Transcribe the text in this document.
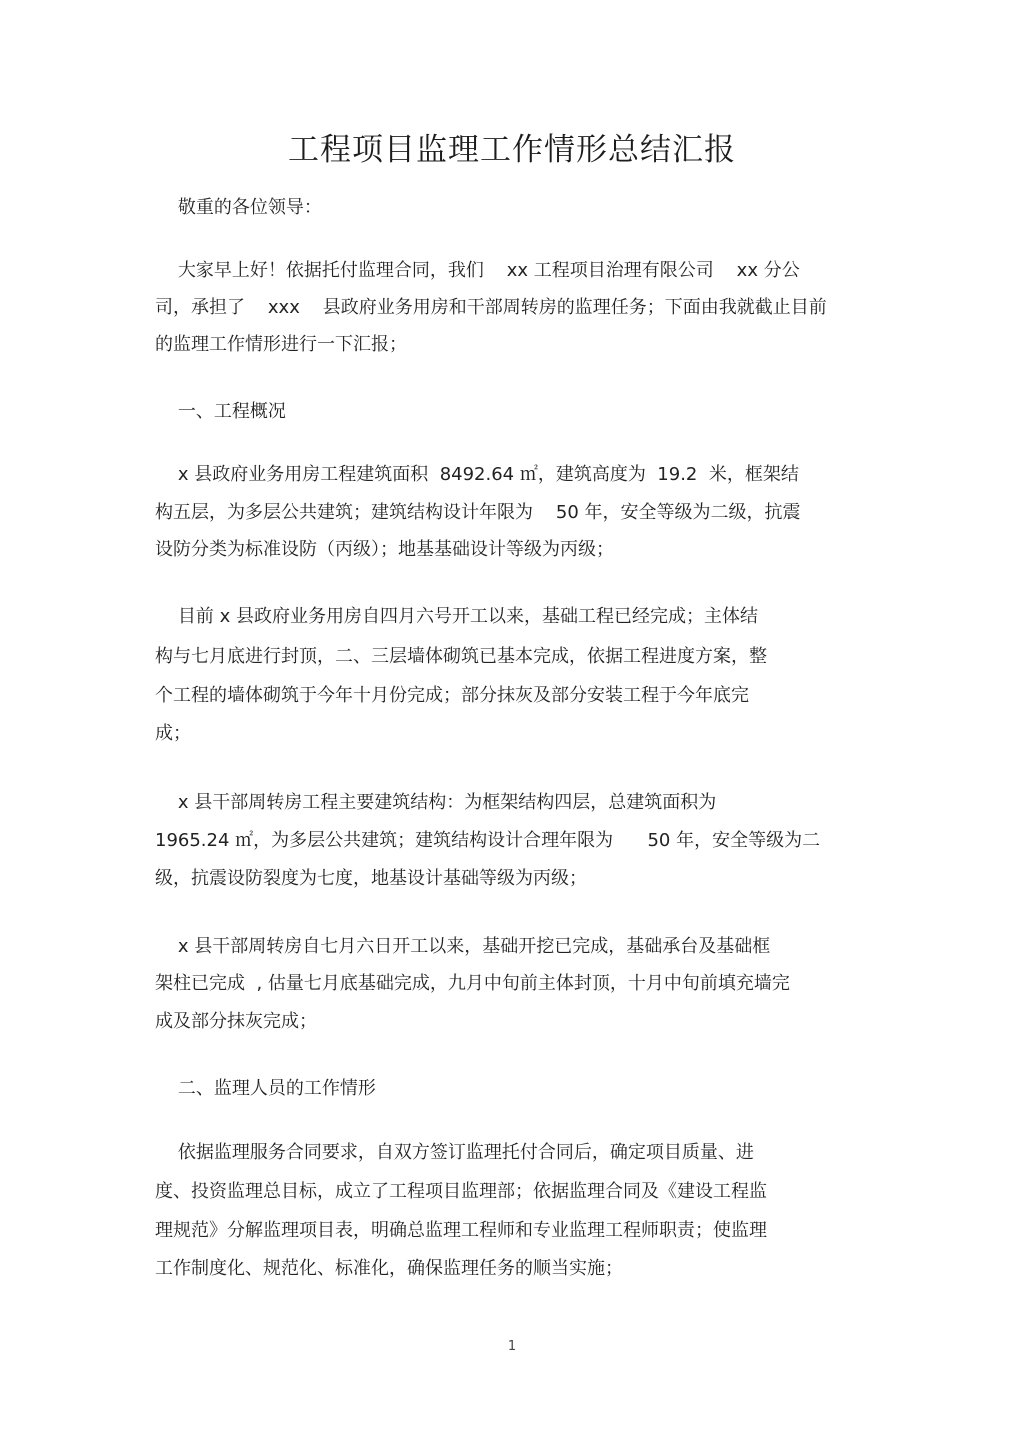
工程项目监理工作情形总结汇报
敬重的各位领导：
大家早上好！依据托付监理合同，我们    xx 工程项目治理有限公司    xx 分公
司，承担了    xxx    县政府业务用房和干部周转房的监理任务；下面由我就截止目前
的监理工作情形进行一下汇报；
一、工程概况
x 县政府业务用房工程建筑面积  8492.64 ㎡，建筑高度为  19.2  米，框架结
构五层，为多层公共建筑；建筑结构设计年限为    50 年，安全等级为二级，抗震
设防分类为标准设防（丙级）；地基基础设计等级为丙级；
目前 x 县政府业务用房自四月六号开工以来，基础工程已经完成；主体结
构与七月底进行封顶，二、三层墙体砌筑已基本完成，依据工程进度方案，整
个工程的墙体砌筑于今年十月份完成；部分抹灰及部分安装工程于今年底完
成；
x 县干部周转房工程主要建筑结构：为框架结构四层，总建筑面积为
1965.24 ㎡，为多层公共建筑；建筑结构设计合理年限为      50 年，安全等级为二
级，抗震设防裂度为七度，地基设计基础等级为丙级；
x 县干部周转房自七月六日开工以来，基础开挖已完成，基础承台及基础框
架柱已完成  , 估量七月底基础完成，九月中旬前主体封顶，十月中旬前填充墙完
成及部分抹灰完成；
二、监理人员的工作情形
依据监理服务合同要求，自双方签订监理托付合同后，确定项目质量、进
度、投资监理总目标，成立了工程项目监理部；依据监理合同及《建设工程监
理规范》分解监理项目表，明确总监理工程师和专业监理工程师职责；使监理
工作制度化、规范化、标准化，确保监理任务的顺当实施；
1
